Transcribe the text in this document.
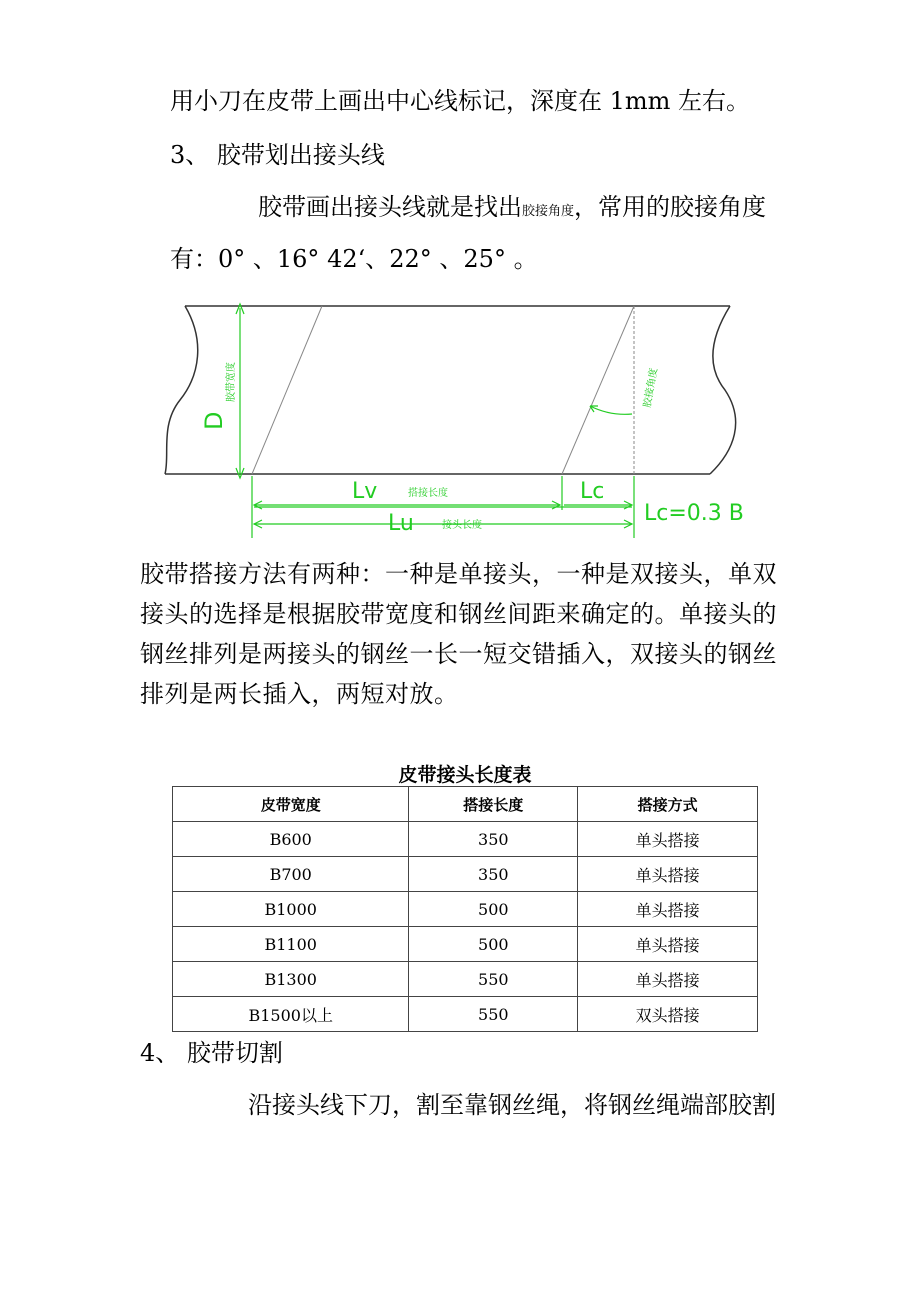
用小刀在皮带上画出中心线标记，深度在 1mm 左右。
3、 胶带划出接头线
胶带画出接头线就是找出胶接角度，常用的胶接角度
有：0° 、16° 42‘、22° 、25° 。
D
胶带宽度	胶接角度
Lv	搭接长度	Lc
Lu	接头长度	Lc=0.3 B

胶带搭接方法有两种：一种是单接头，一种是双接头，单双

接头的选择是根据胶带宽度和钢丝间距来确定的。单接头的

钢丝排列是两接头的钢丝一长一短交错插入，双接头的钢丝

排列是两长插入，两短对放。

皮带接头长度表
皮带宽度	搭接长度	搭接方式
B600	350	单头搭接
B700	350	单头搭接
B1000	500	单头搭接
B1100	500	单头搭接
B1300	550	单头搭接
B1500以上	550	双头搭接
4、 胶带切割
沿接头线下刀，割至靠钢丝绳，将钢丝绳端部胶割
